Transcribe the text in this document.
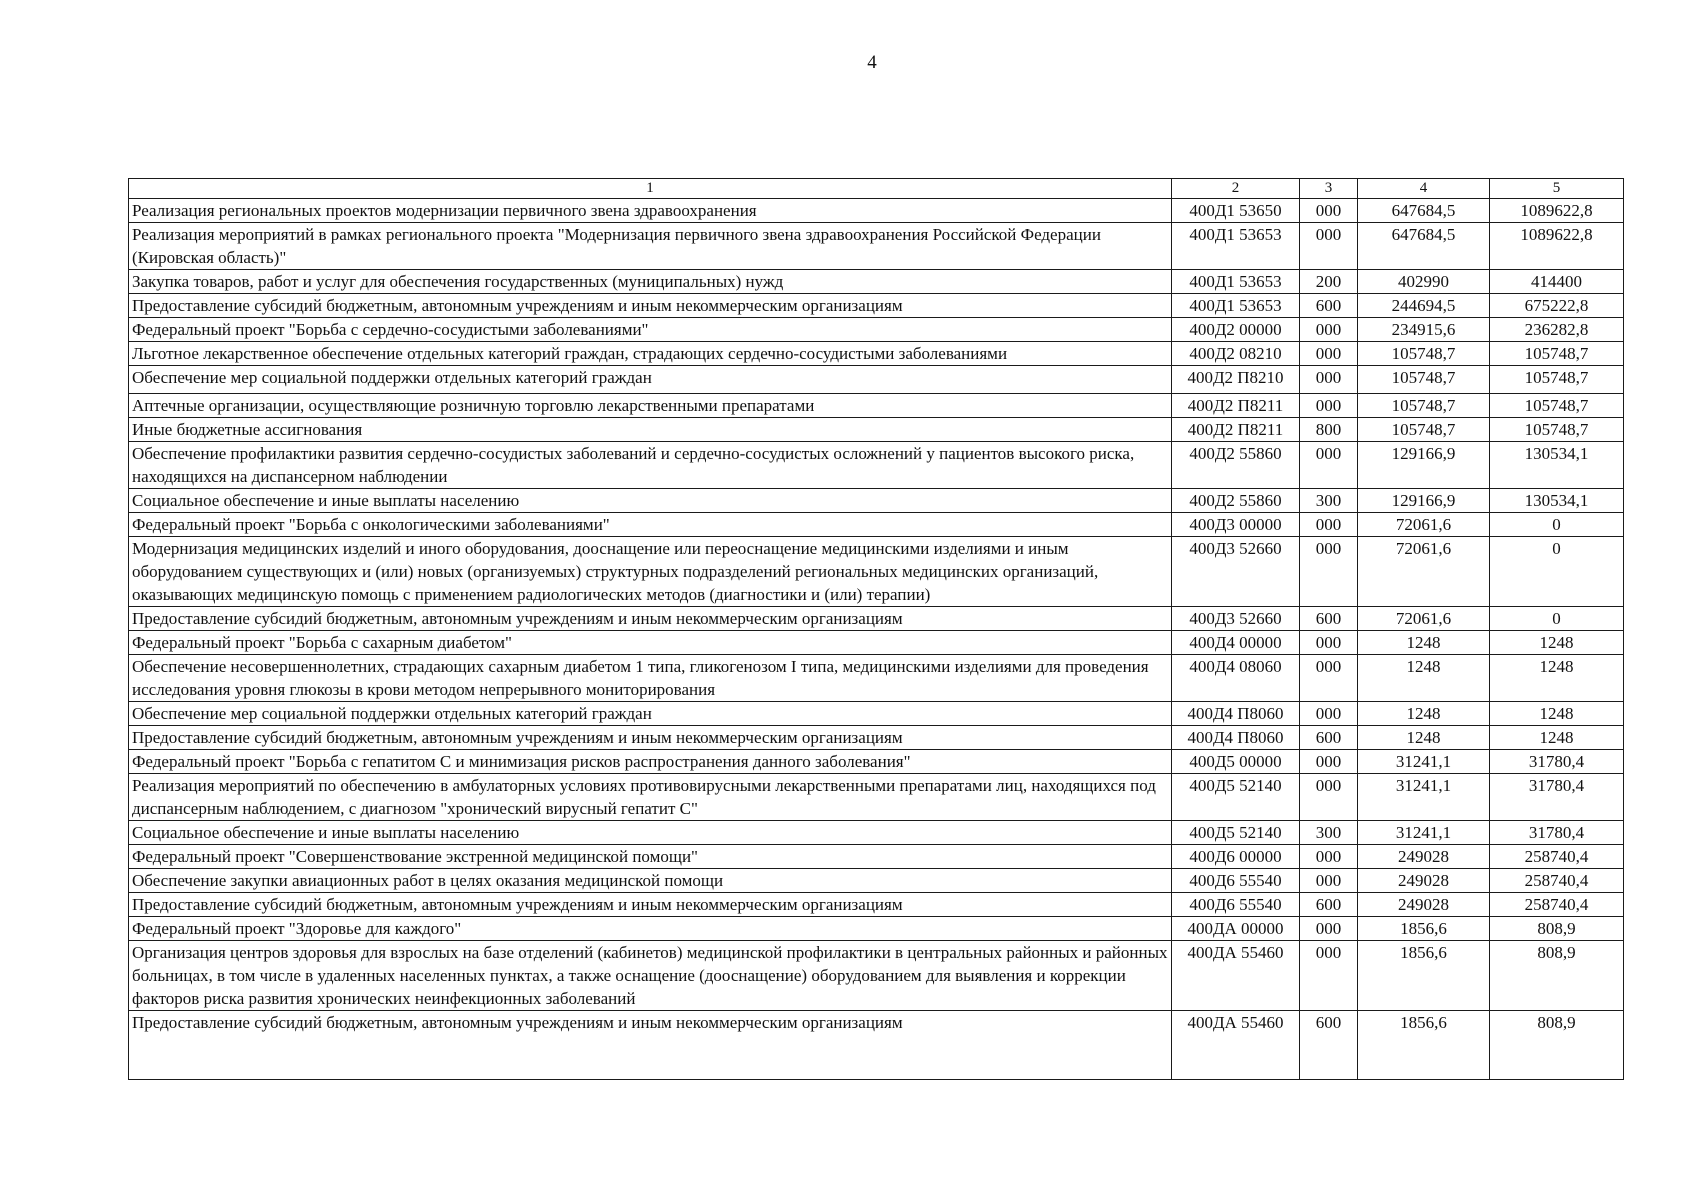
4
1	2	3	4	5
Реализация региональных проектов модернизации первичного звена здравоохранения	400Д1 53650	000	647684,5	1089622,8
Реализация мероприятий в рамках регионального проекта "Модернизация первичного звена здравоохранения Российской Федерации (Кировская область)"	400Д1 53653	000	647684,5	1089622,8
Закупка товаров, работ и услуг для обеспечения государственных (муниципальных) нужд	400Д1 53653	200	402990	414400
Предоставление субсидий бюджетным, автономным учреждениям и иным некоммерческим организациям	400Д1 53653	600	244694,5	675222,8
Федеральный проект "Борьба с сердечно-сосудистыми заболеваниями"	400Д2 00000	000	234915,6	236282,8
Льготное лекарственное обеспечение отдельных категорий граждан, страдающих сердечно-сосудистыми заболеваниями	400Д2 08210	000	105748,7	105748,7
Обеспечение мер социальной поддержки отдельных категорий граждан	400Д2 П8210	000	105748,7	105748,7
Аптечные организации, осуществляющие розничную торговлю лекарственными препаратами	400Д2 П8211	000	105748,7	105748,7
Иные бюджетные ассигнования	400Д2 П8211	800	105748,7	105748,7
Обеспечение профилактики развития сердечно-сосудистых заболеваний и сердечно-сосудистых осложнений у пациентов высокого риска, находящихся на диспансерном наблюдении	400Д2 55860	000	129166,9	130534,1
Социальное обеспечение и иные выплаты населению	400Д2 55860	300	129166,9	130534,1
Федеральный проект "Борьба с онкологическими заболеваниями"	400Д3 00000	000	72061,6	0
Модернизация медицинских изделий и иного оборудования, дооснащение или переоснащение медицинскими изделиями и иным оборудованием существующих и (или) новых (организуемых) структурных подразделений региональных медицинских организаций, оказывающих медицинскую помощь с применением радиологических методов (диагностики и (или) терапии)	400Д3 52660	000	72061,6	0
Предоставление субсидий бюджетным, автономным учреждениям и иным некоммерческим организациям	400Д3 52660	600	72061,6	0
Федеральный проект "Борьба с сахарным диабетом"	400Д4 00000	000	1248	1248
Обеспечение несовершеннолетних, страдающих сахарным диабетом 1 типа, гликогенозом I типа, медицинскими изделиями для проведения исследования уровня глюкозы в крови методом непрерывного мониторирования	400Д4 08060	000	1248	1248
Обеспечение мер социальной поддержки отдельных категорий граждан	400Д4 П8060	000	1248	1248
Предоставление субсидий бюджетным, автономным учреждениям и иным некоммерческим организациям	400Д4 П8060	600	1248	1248
Федеральный проект "Борьба с гепатитом С и минимизация рисков распространения данного заболевания"	400Д5 00000	000	31241,1	31780,4
Реализация мероприятий по обеспечению в амбулаторных условиях противовирусными лекарственными препаратами лиц, находящихся под диспансерным наблюдением, с диагнозом "хронический вирусный гепатит С"	400Д5 52140	000	31241,1	31780,4
Социальное обеспечение и иные выплаты населению	400Д5 52140	300	31241,1	31780,4
Федеральный проект "Совершенствование экстренной медицинской помощи"	400Д6 00000	000	249028	258740,4
Обеспечение закупки авиационных работ в целях оказания медицинской помощи	400Д6 55540	000	249028	258740,4
Предоставление субсидий бюджетным, автономным учреждениям и иным некоммерческим организациям	400Д6 55540	600	249028	258740,4
Федеральный проект "Здоровье для каждого"	400ДА 00000	000	1856,6	808,9
Организация центров здоровья для взрослых на базе отделений (кабинетов) медицинской профилактики в центральных районных и районных больницах, в том числе в удаленных населенных пунктах, а также оснащение (дооснащение) оборудованием для выявления и коррекции факторов риска развития хронических неинфекционных заболеваний	400ДА 55460	000	1856,6	808,9
Предоставление субсидий бюджетным, автономным учреждениям и иным некоммерческим организациям	400ДА 55460	600	1856,6	808,9
